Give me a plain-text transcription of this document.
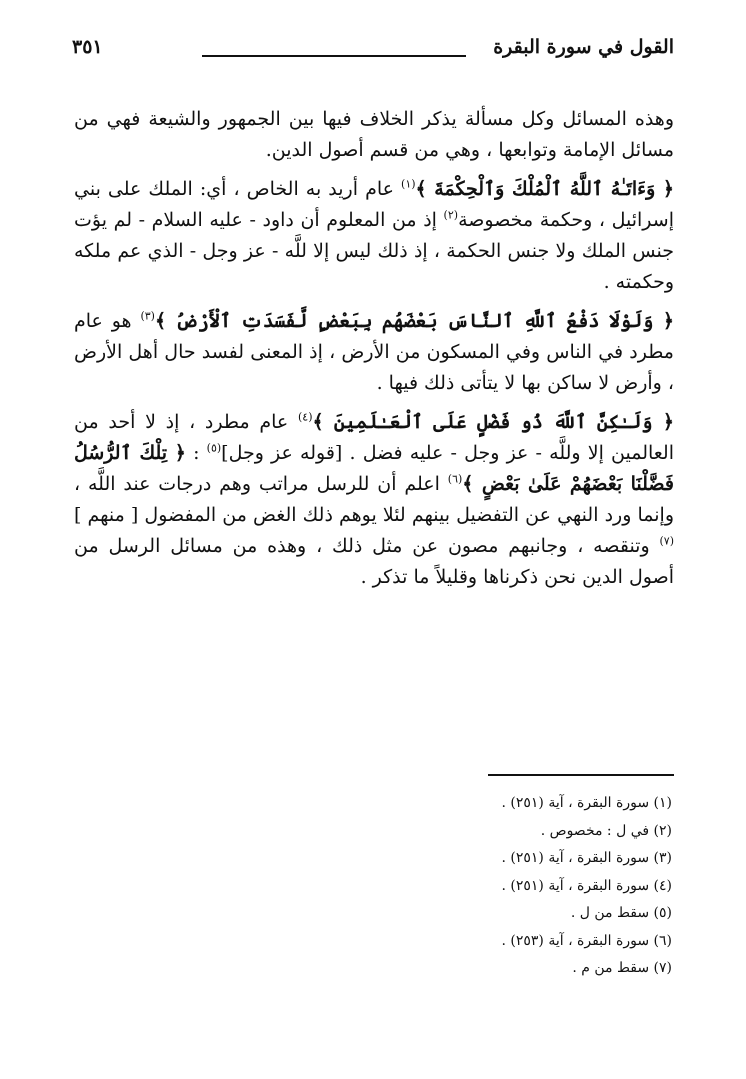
القول في سورة البقرة
٣٥١

وهذه المسائل وكل مسألة يذكر الخلاف فيها بين الجمهور والشيعة فهي من مسائل الإمامة وتوابعها ، وهي من قسم أصول الدين.

﴿ وَءَاتَـٰهُ ٱللَّهُ ٱلْمُلْكَ وَٱلْحِكْمَةَ ﴾$^{(١)}$ عام أريد به الخاص ، أي: الملك على بني إسرائيل ، وحكمة مخصوصة$^{(٢)}$ إذ من المعلوم أن داود - عليه السلام - لم يؤت جنس الملك ولا جنس الحكمة ، إذ ذلك ليس إلا للَّه - عز وجل - الذي عم ملكه وحكمته .

﴿ وَلَوْلَا دَفْعُ ٱللَّهِ ٱلنَّاسَ بَعْضَهُم بِبَعْضٍ لَّفَسَدَتِ ٱلْأَرْضُ ﴾$^{(٣)}$ هو عام مطرد في الناس وفي المسكون من الأرض ، إذ المعنى لفسد حال أهل الأرض ، وأرض لا ساكن بها لا يتأتى ذلك فيها .

﴿ وَلَـٰكِنَّ ٱللَّهَ ذُو فَضْلٍ عَلَى ٱلْعَـٰلَمِينَ ﴾$^{(٤)}$ عام مطرد ، إذ لا أحد من العالمين إلا وللَّه - عز وجل - عليه فضل . [قوله عز وجل]$^{(٥)}$ : ﴿ تِلْكَ ٱلرُّسُلُ فَضَّلْنَا بَعْضَهُمْ عَلَىٰ بَعْضٍ ﴾$^{(٦)}$ اعلم أن للرسل مراتب وهم درجات عند اللَّه ، وإنما ورد النهي عن التفضيل بينهم لئلا يوهم ذلك الغض من المفضول [ منهم ]$^{(٧)}$ وتنقصه ، وجانبهم مصون عن مثل ذلك ، وهذه من مسائل الرسل من أصول الدين نحن ذكرناها وقليلاً ما تذكر .

(١) سورة البقرة ، آية (٢٥١) .
(٢) في ل : مخصوص .
(٣) سورة البقرة ، آية (٢٥١) .
(٤) سورة البقرة ، آية (٢٥١) .
(٥) سقط من ل .
(٦) سورة البقرة ، آية (٢٥٣) .
(٧) سقط من م .
